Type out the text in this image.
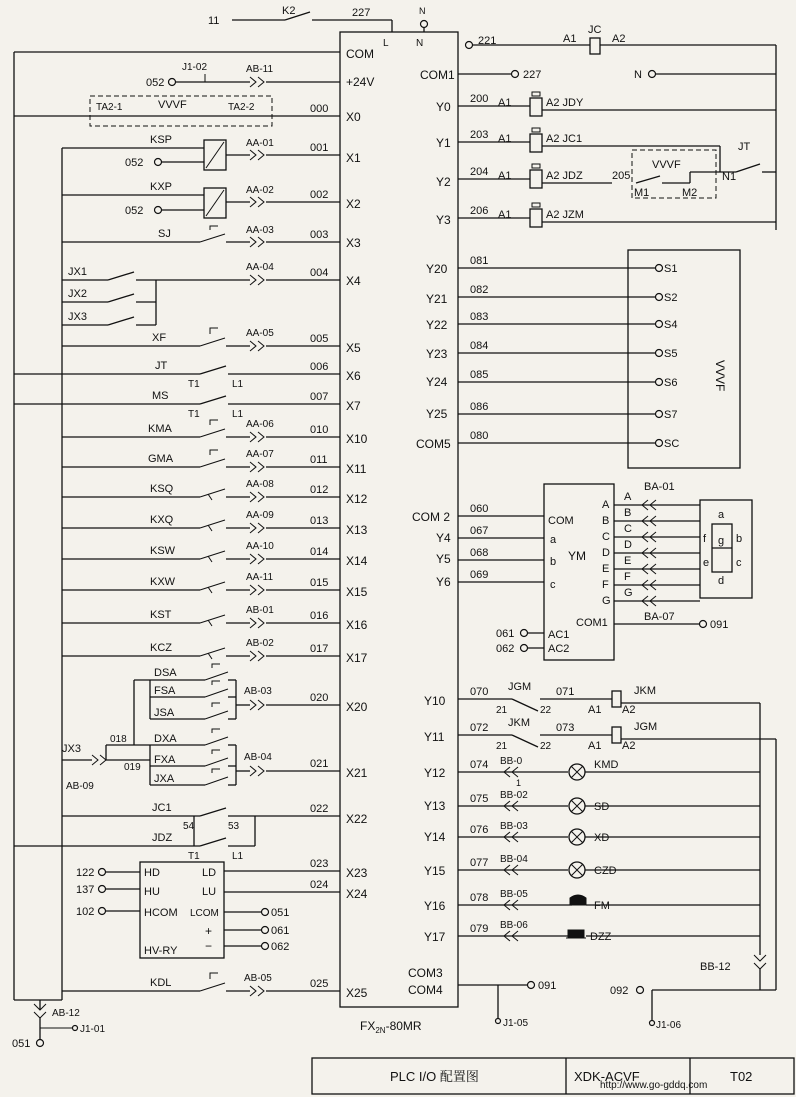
$FX_{2N}-80MR$
11
K2	227
L	N
N
COM
+24V
X0
X1
X2
X3
X4
X5
X6
X7
X10
X11
X12
X13
X14
X15
X16
X17
X20
X21
X22
X23
X24
X25
052
J1-02	AB-11
TA2-1	VVVF	TA2-2	000
KSP
052
AA-01	001
KXP
052
AA-02	002
SJ	AA-03	003
JX1
JX2
JX3
AA-04	004
XF	AA-05	005
JT
T1	L1
006
MS
T1	L1
007
KMA	AA-06	010
GMA	AA-07	011
KSQ	AA-08	012
KXQ	AA-09	013
KSW	AA-10	014
KXW	AA-11	015
KST	AB-01	016
KCZ	AB-02	017
DSA
FSA
JSA
AB-03
020
018 DXA
FXA
JXA
AB-04
021
JX3
019
AB-09
JC1
54	53
JDZ
T1	L1
022
HD
HU
HCOM
HV-RY
LD
LU
LCOM
+
−
122
137
102
023
024
051
061
062
KDL	AB-05	025
AB-12
J1-01
051
COM1
Y0
Y1
Y2
Y3
Y20
Y21
Y22
Y23
Y24
Y25
COM5
COM 2
Y4
Y5
Y6
Y10
Y11
Y12
Y13
Y14
Y15
Y16
Y17
COM3
COM4
221	A1
JC
A2
227	N
200 A1	A2 JDY
203 A1	A2 JC1
204 A1	A2 JDZ	205
VVVF
M1	M2
N1
JT
206 A1	A2 JZM
VVVF
081
S1
082
S2
083
S4
084
S5
085
S6
086
S7
080
SC
YM
COM
a
b
c
AC1
AC2
COM1
060
067
068
069
061
062
A
B
C
D
E
F
G
A
B
C
D
E
F
G
BA-01
BA-07
091
a
b
c
d
e
f g
070 JGM
21	22
071
A1 A2
JKM
072 JKM
21	22
073
A1 A2
JGM
074 BB-0
1
KMD
075 BB-02
SD
076 BB-03
XD
077 BB-04
CZD
078 BB-05
FM
079 BB-06
DZZ
BB-12
092
J1-06
091
J1-05
PLC I/O 配置图	XDK-ACVF	T02
http://www.go-gddq.com
